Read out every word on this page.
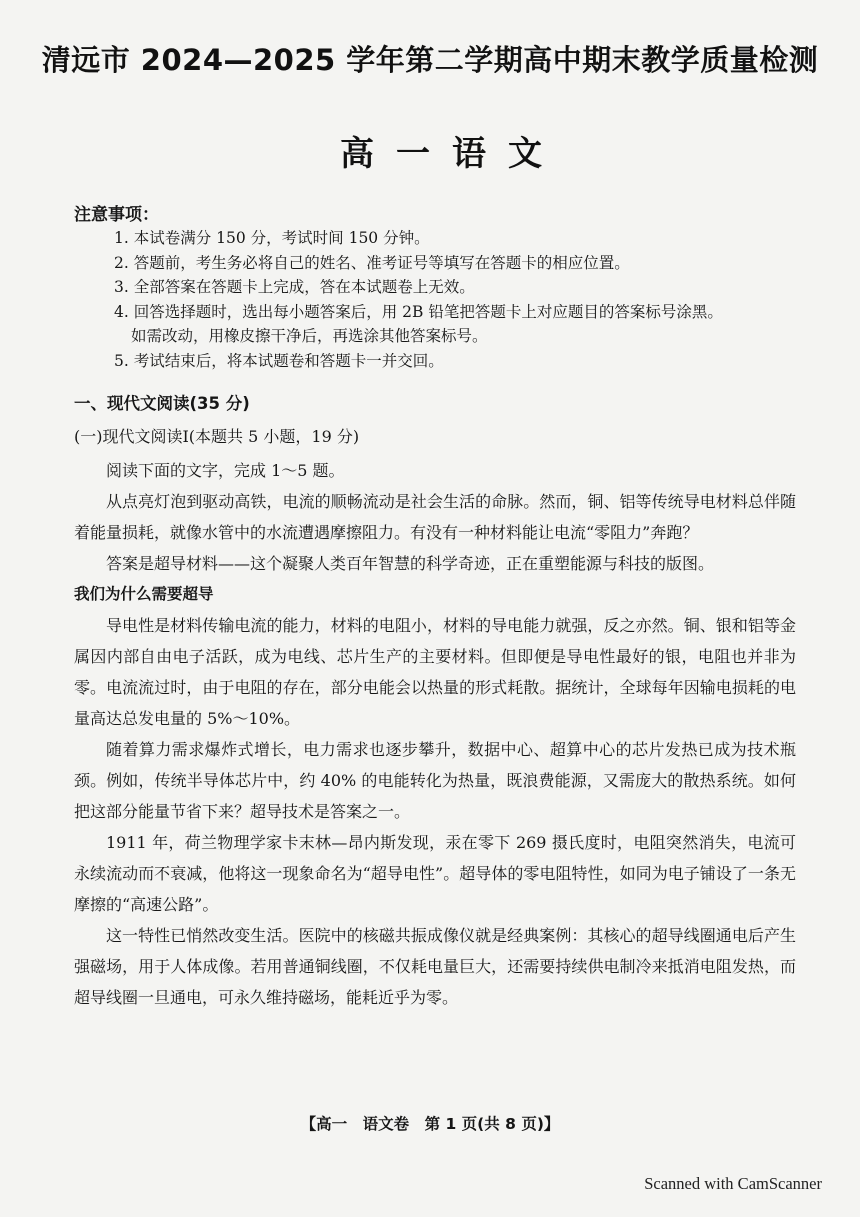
清远市 2024—2025 学年第二学期高中期末教学质量检测
高一语文
注意事项：
1. 本试卷满分 150 分，考试时间 150 分钟。
2. 答题前，考生务必将自己的姓名、准考证号等填写在答题卡的相应位置。
3. 全部答案在答题卡上完成，答在本试题卷上无效。
4. 回答选择题时，选出每小题答案后，用 2B 铅笔把答题卡上对应题目的答案标号涂黑。
如需改动，用橡皮擦干净后，再选涂其他答案标号。
5. 考试结束后，将本试题卷和答题卡一并交回。
一、现代文阅读(35 分)
(一)现代文阅读Ⅰ(本题共 5 小题，19 分)

阅读下面的文字，完成 1～5 题。

从点亮灯泡到驱动高铁，电流的顺畅流动是社会生活的命脉。然而，铜、铝等传统导电材料总伴随着能量损耗，就像水管中的水流遭遇摩擦阻力。有没有一种材料能让电流“零阻力”奔跑？

答案是超导材料——这个凝聚人类百年智慧的科学奇迹，正在重塑能源与科技的版图。

我们为什么需要超导

导电性是材料传输电流的能力，材料的电阻小，材料的导电能力就强，反之亦然。铜、银和铝等金属因内部自由电子活跃，成为电线、芯片生产的主要材料。但即便是导电性最好的银，电阻也并非为零。电流流过时，由于电阻的存在，部分电能会以热量的形式耗散。据统计，全球每年因输电损耗的电量高达总发电量的 5%～10%。

随着算力需求爆炸式增长，电力需求也逐步攀升，数据中心、超算中心的芯片发热已成为技术瓶颈。例如，传统半导体芯片中，约 40% 的电能转化为热量，既浪费能源，又需庞大的散热系统。如何把这部分能量节省下来？超导技术是答案之一。

1911 年，荷兰物理学家卡末林—昂内斯发现，汞在零下 269 摄氏度时，电阻突然消失，电流可永续流动而不衰减，他将这一现象命名为“超导电性”。超导体的零电阻特性，如同为电子铺设了一条无摩擦的“高速公路”。

这一特性已悄然改变生活。医院中的核磁共振成像仪就是经典案例：其核心的超导线圈通电后产生强磁场，用于人体成像。若用普通铜线圈，不仅耗电量巨大，还需要持续供电制冷来抵消电阻发热，而超导线圈一旦通电，可永久维持磁场，能耗近乎为零。

【高一　语文卷　第 1 页(共 8 页)】
Scanned with CamScanner
